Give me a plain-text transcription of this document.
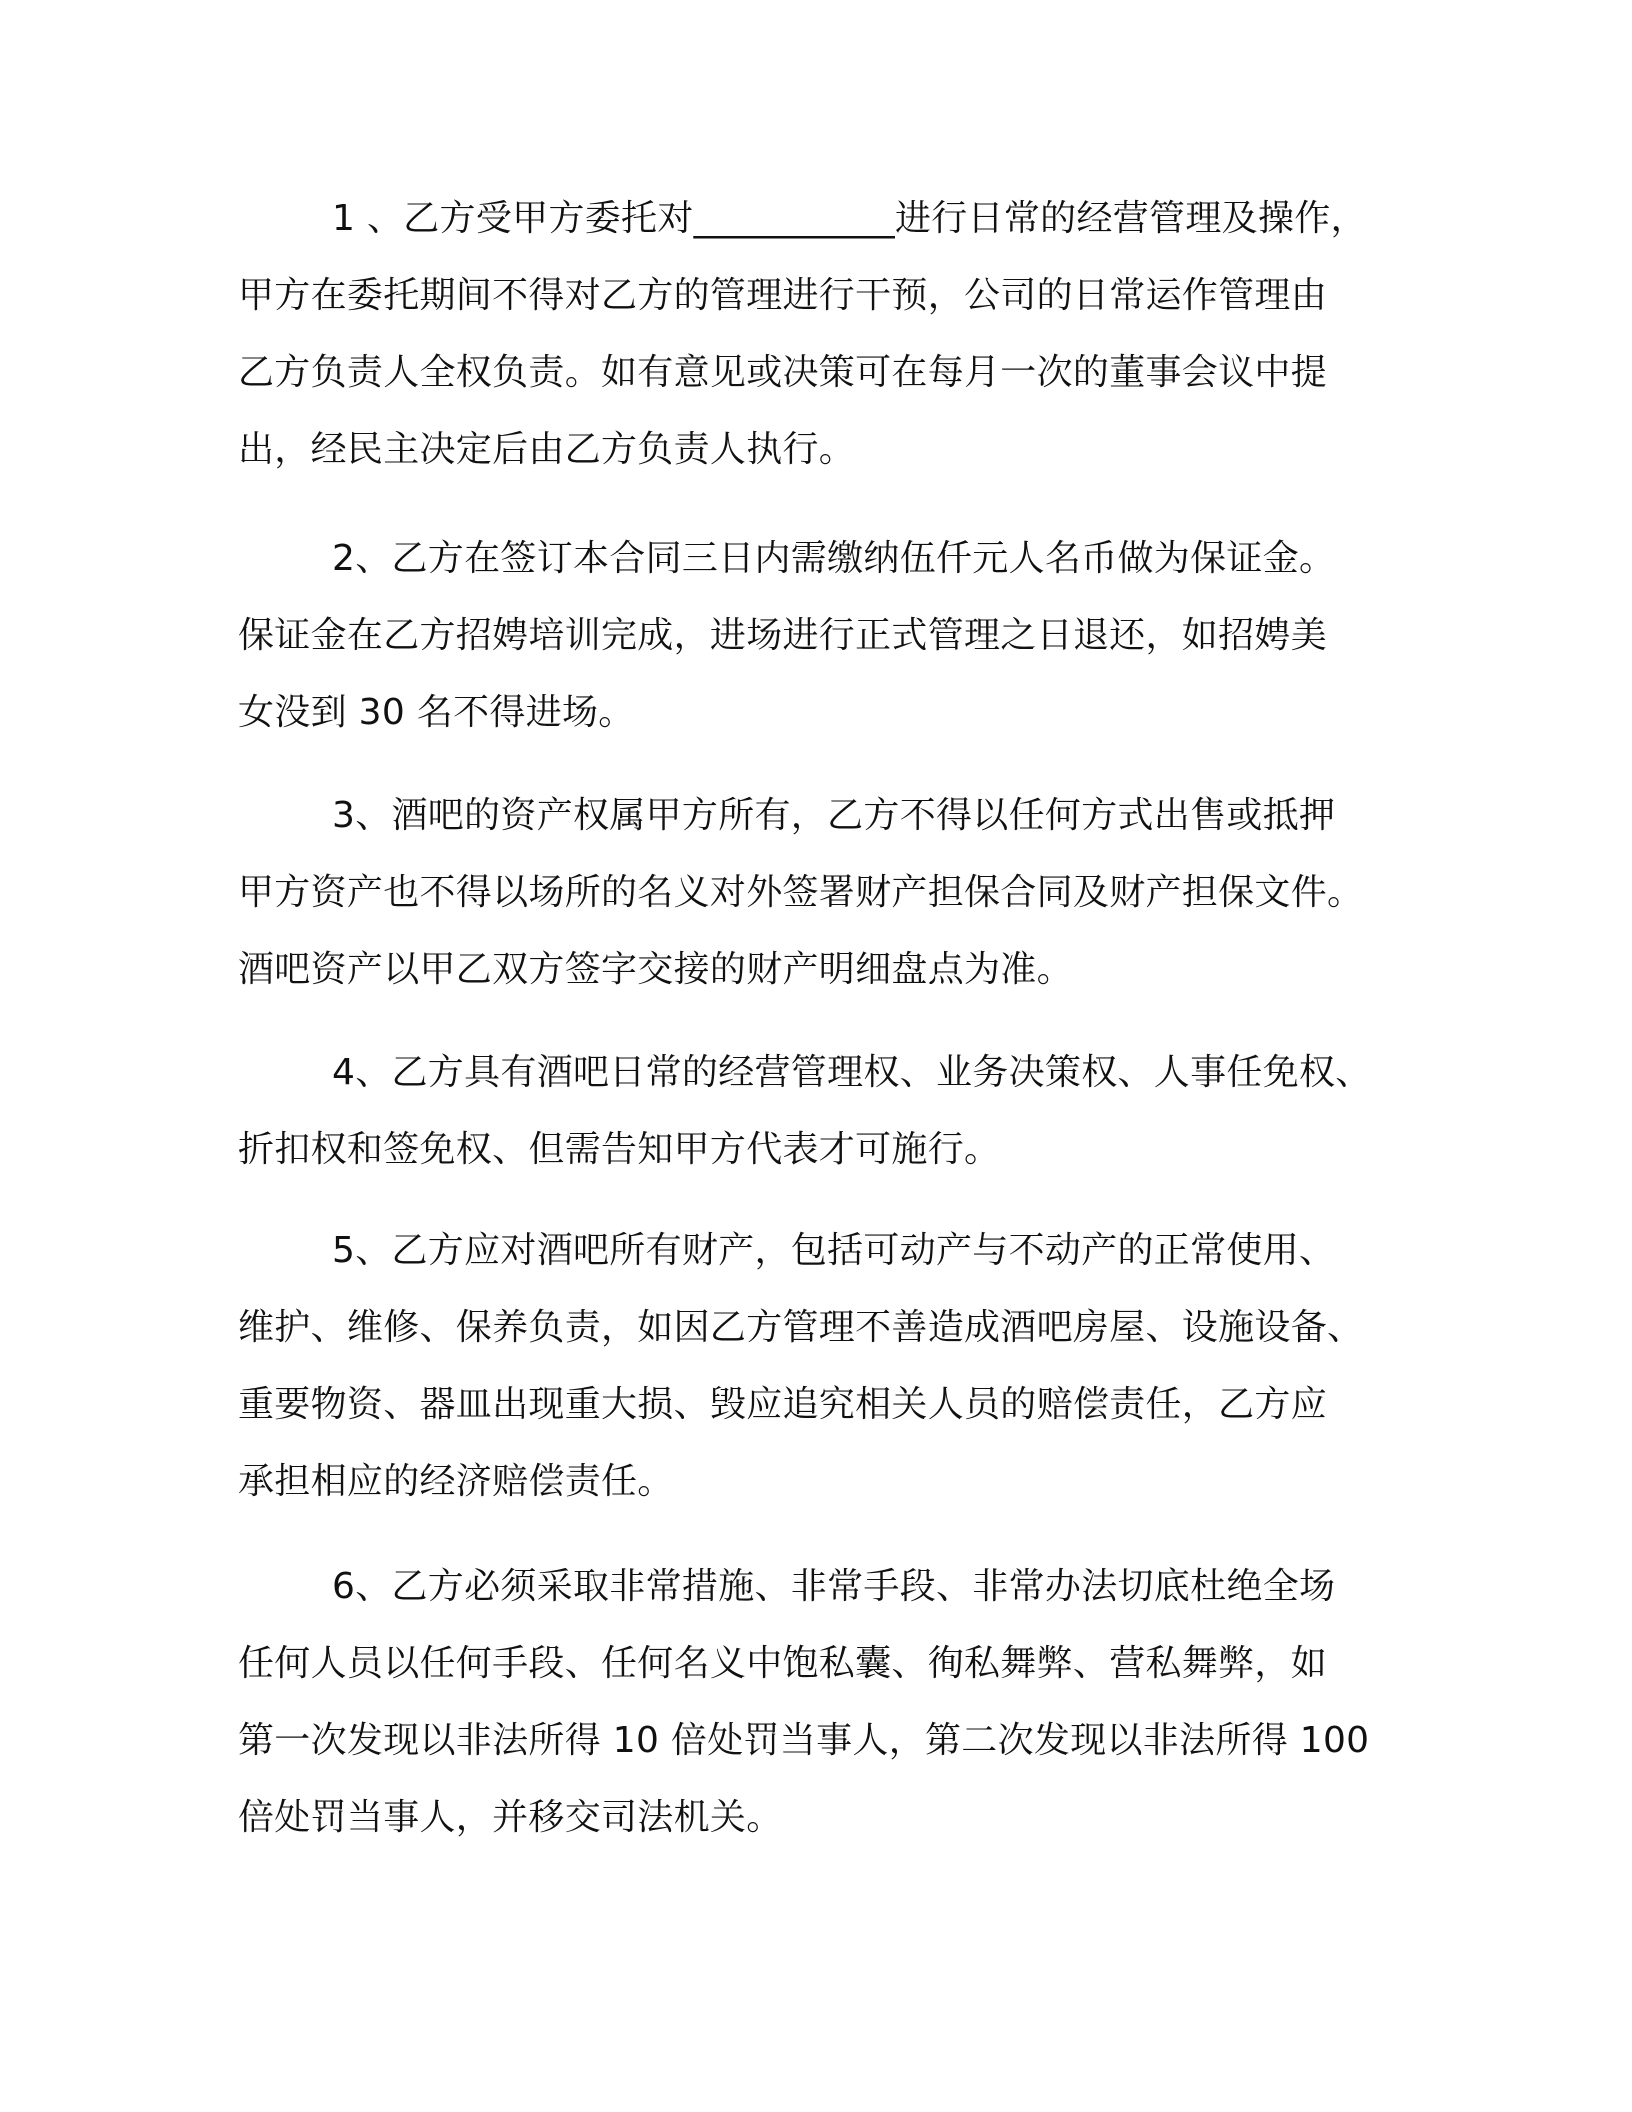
1 、乙方受甲方委托对___________进行日常的经营管理及操作，
甲方在委托期间不得对乙方的管理进行干预，公司的日常运作管理由
乙方负责人全权负责。如有意见或决策可在每月一次的董事会议中提
出，经民主决定后由乙方负责人执行。

2、乙方在签订本合同三日内需缴纳伍仟元人名币做为保证金。
保证金在乙方招娉培训完成，进场进行正式管理之日退还，如招娉美
女没到 30 名不得进场。

3、酒吧的资产权属甲方所有，乙方不得以任何方式出售或抵押
甲方资产也不得以场所的名义对外签署财产担保合同及财产担保文件。
酒吧资产以甲乙双方签字交接的财产明细盘点为准。

4、乙方具有酒吧日常的经营管理权、业务决策权、人事任免权、
折扣权和签免权、但需告知甲方代表才可施行。

5、乙方应对酒吧所有财产，包括可动产与不动产的正常使用、
维护、维修、保养负责，如因乙方管理不善造成酒吧房屋、设施设备、
重要物资、器皿出现重大损、毁应追究相关人员的赔偿责任，乙方应
承担相应的经济赔偿责任。

6、乙方必须采取非常措施、非常手段、非常办法切底杜绝全场
任何人员以任何手段、任何名义中饱私囊、徇私舞弊、营私舞弊，如
第一次发现以非法所得 10 倍处罚当事人，第二次发现以非法所得 100
倍处罚当事人，并移交司法机关。
